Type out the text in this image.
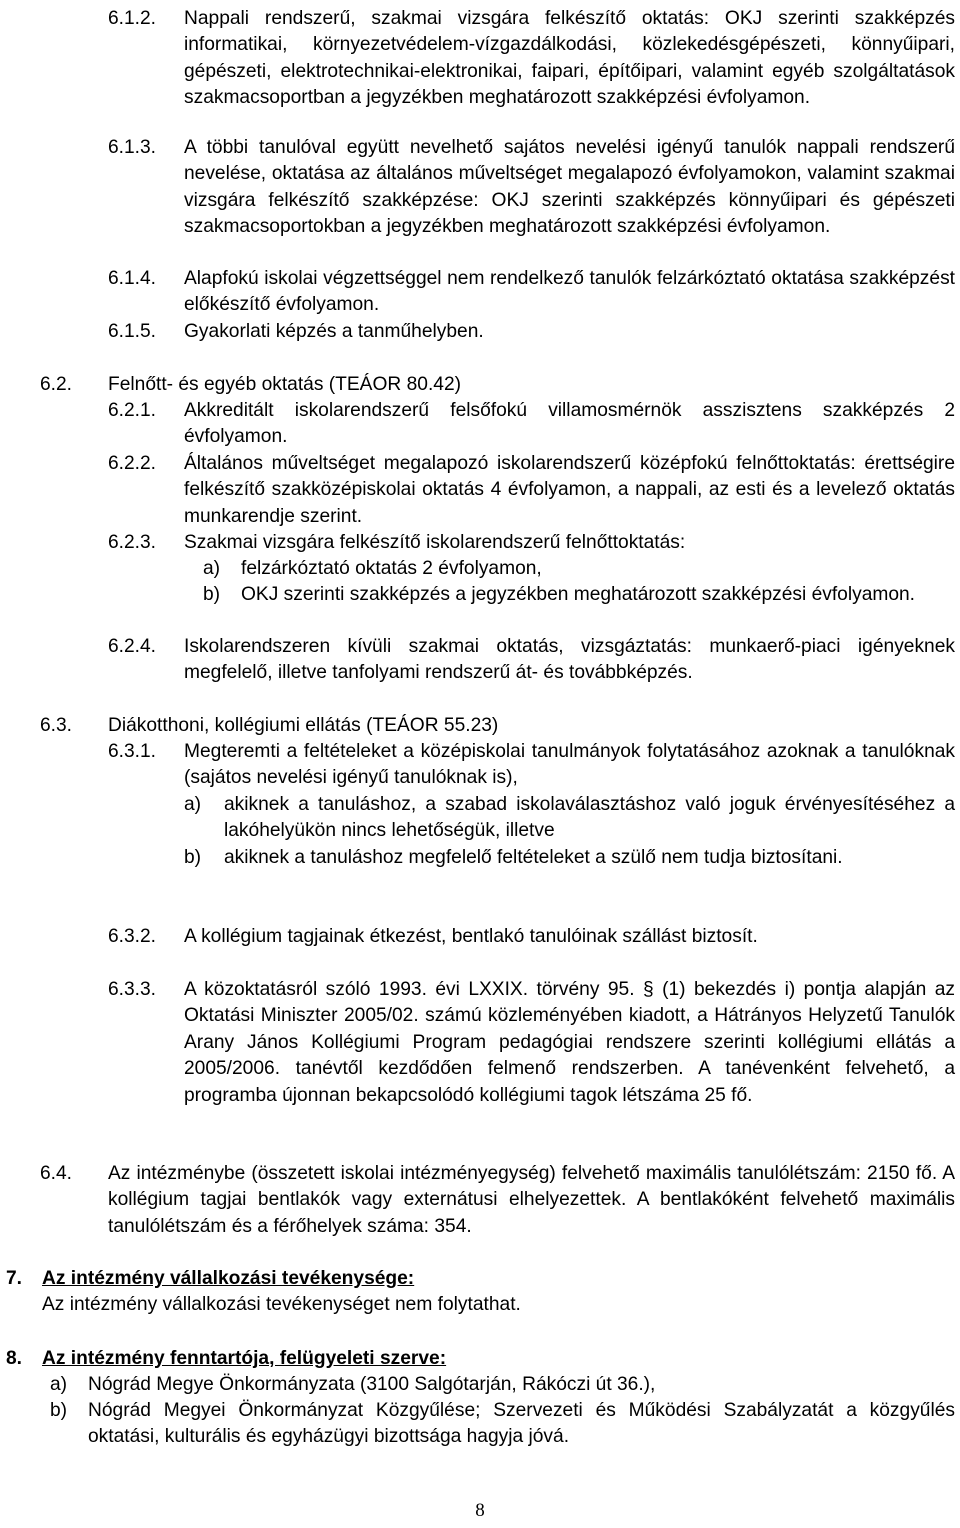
6.1.2. Nappali rendszerű, szakmai vizsgára felkészítő oktatás: OKJ szerinti szakképzés informatikai, környezetvédelem-vízgazdálkodási, közlekedésgépészeti, könnyűipari, gépészeti, elektrotechnikai-elektronikai, faipari, építőipari, valamint egyéb szolgáltatások szakmacsoportban a jegyzékben meghatározott szakképzési évfolyamon.
6.1.3. A többi tanulóval együtt nevelhető sajátos nevelési igényű tanulók nappali rendszerű nevelése, oktatása az általános műveltséget megalapozó évfolyamokon, valamint szakmai vizsgára felkészítő szakképzése: OKJ szerinti szakképzés könnyűipari és gépészeti szakmacsoportokban a jegyzékben meghatározott szakképzési évfolyamon.
6.1.4. Alapfokú iskolai végzettséggel nem rendelkező tanulók felzárkóztató oktatása szakképzést előkészítő évfolyamon.
6.1.5. Gyakorlati képzés a tanműhelyben.
6.2. Felnőtt- és egyéb oktatás (TEÁOR 80.42)
6.2.1. Akkreditált iskolarendszerű felsőfokú villamosmérnök asszisztens szakképzés 2 évfolyamon.
6.2.2. Általános műveltséget megalapozó iskolarendszerű középfokú felnőttoktatás: érettségire felkészítő szakközépiskolai oktatás 4 évfolyamon, a nappali, az esti és a levelező oktatás munkarendje szerint.
6.2.3. Szakmai vizsgára felkészítő iskolarendszerű felnőttoktatás:
a) felzárkóztató oktatás 2 évfolyamon,
b) OKJ szerinti szakképzés a jegyzékben meghatározott szakképzési évfolyamon.
6.2.4. Iskolarendszeren kívüli szakmai oktatás, vizsgáztatás: munkaerő-piaci igényeknek megfelelő, illetve tanfolyami rendszerű át- és továbbképzés.
6.3. Diákotthoni, kollégiumi ellátás (TEÁOR 55.23)
6.3.1. Megteremti a feltételeket a középiskolai tanulmányok folytatásához azoknak a tanulóknak (sajátos nevelési igényű tanulóknak is),
a) akiknek a tanuláshoz, a szabad iskolaválasztáshoz való joguk érvényesítéséhez a lakóhelyükön nincs lehetőségük, illetve
b) akiknek a tanuláshoz megfelelő feltételeket a szülő nem tudja biztosítani.
6.3.2. A kollégium tagjainak étkezést, bentlakó tanulóinak szállást biztosít.
6.3.3. A közoktatásról szóló 1993. évi LXXIX. törvény 95. § (1) bekezdés i) pontja alapján az Oktatási Miniszter 2005/02. számú közleményében kiadott, a Hátrányos Helyzetű Tanulók Arany János Kollégiumi Program pedagógiai rendszere szerinti kollégiumi ellátás a 2005/2006. tanévtől kezdődően felmenő rendszerben. A tanévenként felvehető, a programba újonnan bekapcsolódó kollégiumi tagok létszáma 25 fő.
6.4. Az intézménybe (összetett iskolai intézményegység) felvehető maximális tanulólétszám: 2150 fő. A kollégium tagjai bentlakók vagy externátusi elhelyezettek. A bentlakóként felvehető maximális tanulólétszám és a férőhelyek száma: 354.
7. Az intézmény vállalkozási tevékenysége:
Az intézmény vállalkozási tevékenységet nem folytathat.
8. Az intézmény fenntartója, felügyeleti szerve:
a) Nógrád Megye Önkormányzata (3100 Salgótarján, Rákóczi út 36.),
b) Nógrád Megyei Önkormányzat Közgyűlése; Szervezeti és Működési Szabályzatát a közgyűlés oktatási, kulturális és egyházügyi bizottsága hagyja jóvá.
8
